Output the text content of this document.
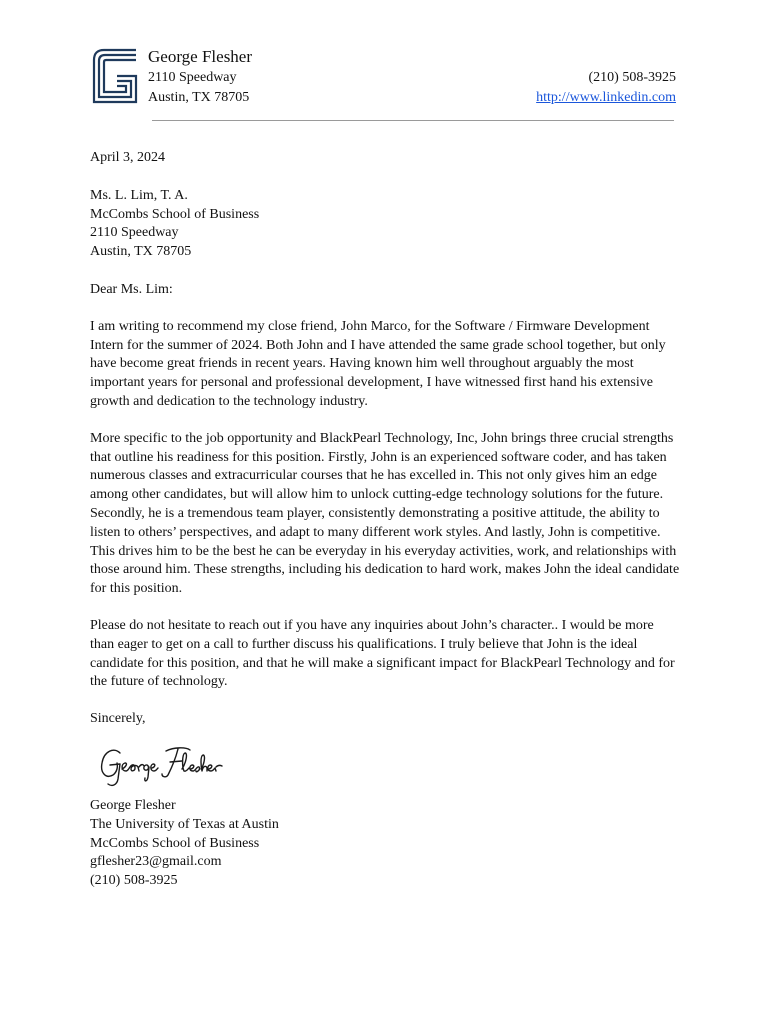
George Flesher
2110 Speedway
Austin, TX 78705
(210) 508-3925
http://www.linkedin.com

April 3, 2024

Ms. L. Lim, T. A.
McCombs School of Business
2110 Speedway
Austin, TX 78705

Dear Ms. Lim:

I am writing to recommend my close friend, John Marco, for the Software / Firmware Development Intern for the summer of 2024. Both John and I have attended the same grade school together, but only have become great friends in recent years. Having known him well throughout arguably the most important years for personal and professional development, I have witnessed first hand his extensive growth and dedication to the technology industry.

More specific to the job opportunity and BlackPearl Technology, Inc, John brings three crucial strengths that outline his readiness for this position. Firstly, John is an experienced software coder, and has taken numerous classes and extracurricular courses that he has excelled in. This not only gives him an edge among other candidates, but will allow him to unlock cutting-edge technology solutions for the future. Secondly, he is a tremendous team player, consistently demonstrating a positive attitude, the ability to listen to others’ perspectives, and adapt to many different work styles. And lastly, John is competitive. This drives him to be the best he can be everyday in his everyday activities, work, and relationships with those around him. These strengths, including his dedication to hard work, makes John the ideal candidate for this position.

Please do not hesitate to reach out if you have any inquiries about John’s character.. I would be more than eager to get on a call to further discuss his qualifications. I truly believe that John is the ideal candidate for this position, and that he will make a significant impact for BlackPearl Technology and for the future of technology.

Sincerely,

George Flesher
The University of Texas at Austin
McCombs School of Business
gflesher23@gmail.com
(210) 508-3925
